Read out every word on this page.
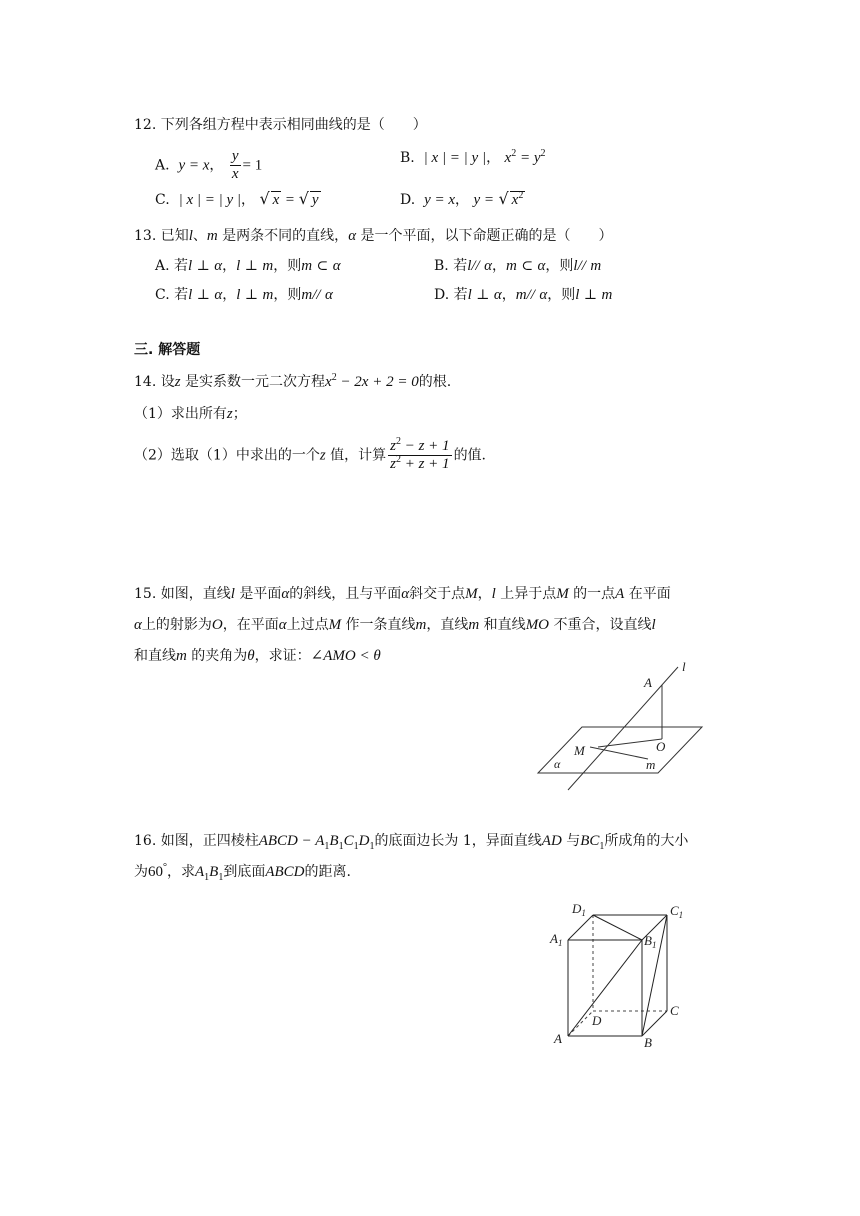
12. 下列各组方程中表示相同曲线的是（　　）
A. y = x， $\frac{y}{x} = 1$	B. | x | = | y |， $x^2 = y^2$
C. | x | = | y |， √ x = √ y	D. y = x， y = √ $x^2$
13. 已知l、m 是两条不同的直线，α 是一个平面，以下命题正确的是（　　）
A. 若l ⊥ α，l ⊥ m，则m ⊂ α	B. 若l// α，m ⊂ α，则l// m
C. 若l ⊥ α，l ⊥ m，则m// α	D. 若l ⊥ α，m// α，则l ⊥ m
三. 解答题
14. 设z 是实系数一元二次方程$x^2 - 2x + 2 = 0$的根.
（1）求出所有z；
（2）选取（1）中求出的一个z 值，计算 $\frac{z^2 - z + 1}{z^2 + z + 1}$ 的值.
15. 如图，直线l 是平面α的斜线，且与平面α斜交于点M，l 上异于点M 的一点A 在平面
α上的射影为O，在平面α上过点M 作一条直线m，直线m 和直线MO 不重合，设直线l
和直线m 的夹角为θ，求证：∠AMO < θ
A
l
M	O
m
α
16. 如图，正四棱柱ABCD − $A_1B_1C_1D_1$的底面边长为 1，异面直线AD 与$BC_1$所成角的大小
为60°，求$A_1B_1$到底面ABCD的距离.
$D_1$	$C_1$
$A_1$	$B_1$
D
C
A	B
